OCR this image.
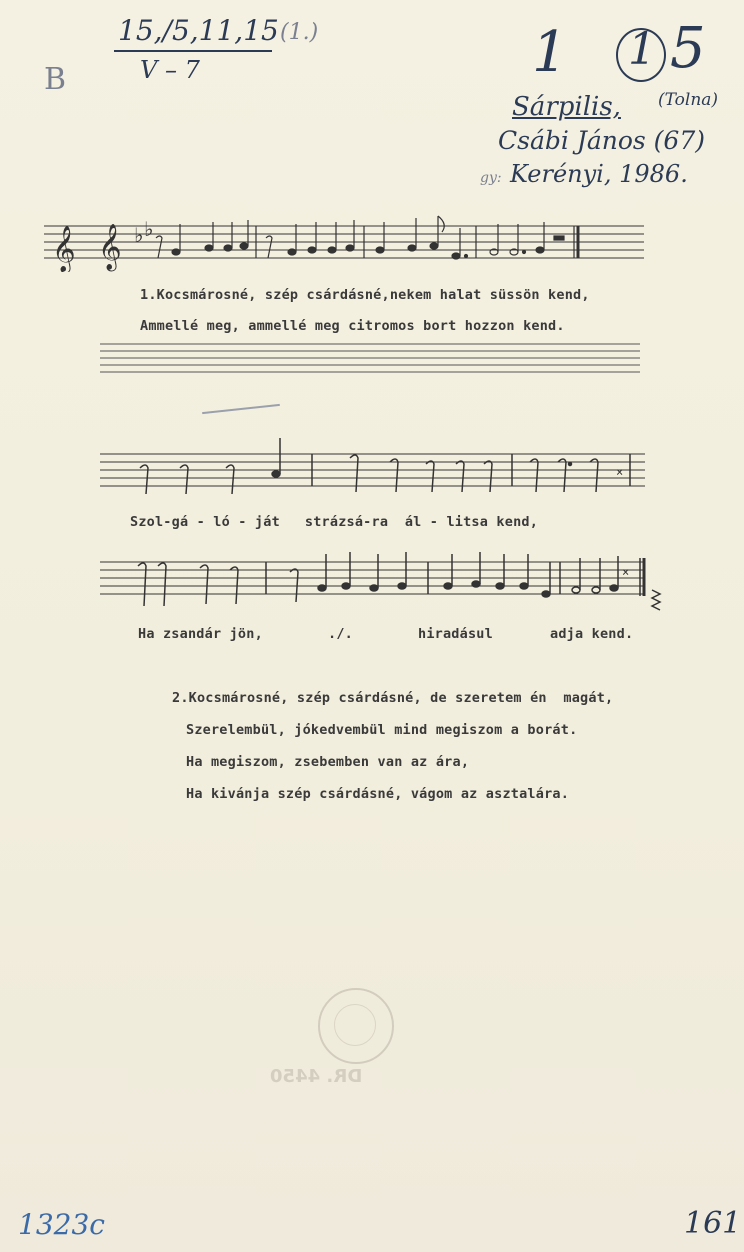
15,/5,11,15 (1.)
V – 7
B	1 1 5
Sárpilis, (Tolna)
Csábi János (67)
gy: Kerényi, 1986.
𝄞 𝄞 ♭ ♭
1.Kocsmárosné, szép csárdásné,nekem halat süssön kend,
Ammellé meg, ammellé meg citromos bort hozzon kend.
×
Szol-gá - ló - ját   strázsá-ra  ál - litsa kend,
×
Ha zsandár jön,	./.	hiradásul	adja kend.
2.Kocsmárosné, szép csárdásné, de szeretem én  magát,
Szerelembül, jókedvembül mind megiszom a borát.
Ha megiszom, zsebemben van az ára,
Ha kivánja szép csárdásné, vágom az asztalára.
DR. 4450
1323c	161
